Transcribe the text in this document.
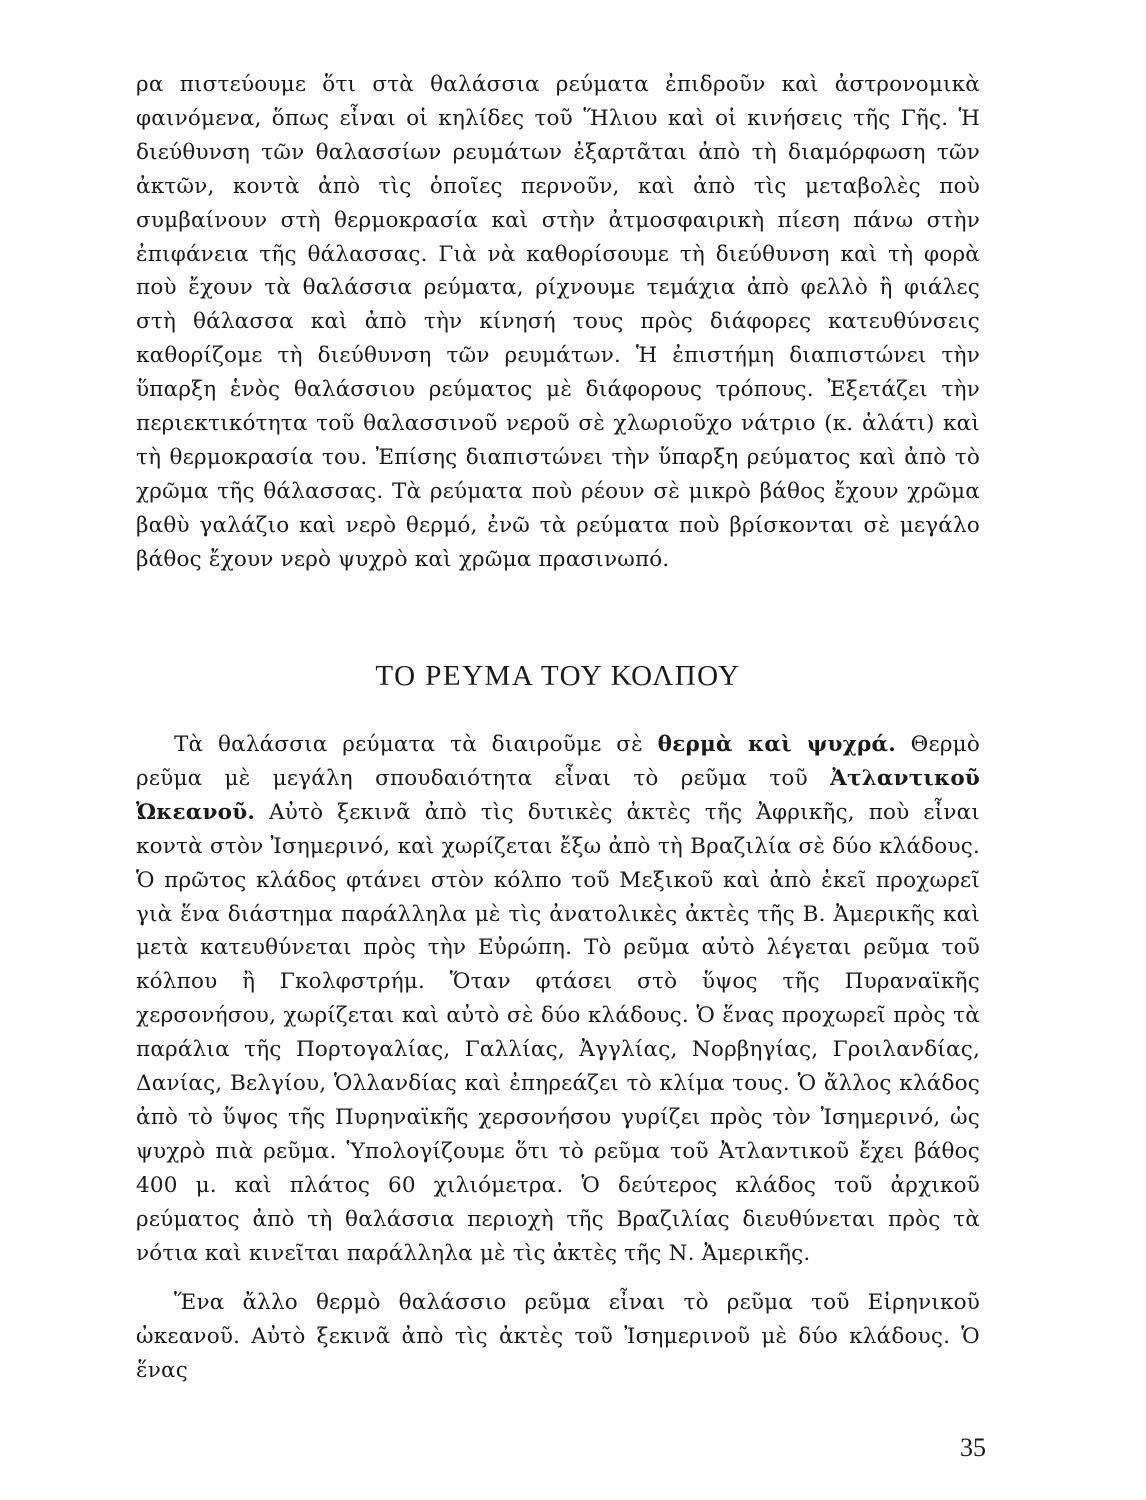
ρα πιστεύουμε ὅτι στὰ θαλάσσια ρεύματα ἐπιδροῦν καὶ ἀστρονομικὰ φαινόμενα, ὅπως εἶναι οἱ κηλίδες τοῦ Ἥλιου καὶ οἱ κινήσεις τῆς Γῆς. Ἡ διεύθυνση τῶν θαλασσίων ρευμάτων ἐξαρτᾶται ἀπὸ τὴ διαμόρφωση τῶν ἀκτῶν, κοντὰ ἀπὸ τὶς ὁποῖες περνοῦν, καὶ ἀπὸ τὶς μεταβολὲς ποὺ συμβαίνουν στὴ θερμοκρασία καὶ στὴν ἀτμοσφαιρικὴ πίεση πάνω στὴν ἐπιφάνεια τῆς θάλασσας. Γιὰ νὰ καθορίσουμε τὴ διεύθυνση καὶ τὴ φορὰ ποὺ ἔχουν τὰ θαλάσσια ρεύματα, ρίχνουμε τεμάχια ἀπὸ φελλὸ ἢ φιάλες στὴ θάλασσα καὶ ἀπὸ τὴν κίνησή τους πρὸς διάφορες κατευθύνσεις καθορίζομε τὴ διεύθυνση τῶν ρευμάτων. Ἡ ἐπιστήμη διαπιστώνει τὴν ὕπαρξη ἑνὸς θαλάσσιου ρεύματος μὲ διάφορους τρόπους. Ἐξετάζει τὴν περιεκτικότητα τοῦ θαλασσινοῦ νεροῦ σὲ χλωριοῦχο νάτριο (κ. ἁλάτι) καὶ τὴ θερμοκρασία του. Ἐπίσης διαπιστώνει τὴν ὕπαρξη ρεύματος καὶ ἀπὸ τὸ χρῶμα τῆς θάλασσας. Τὰ ρεύματα ποὺ ρέουν σὲ μικρὸ βάθος ἔχουν χρῶμα βαθὺ γαλάζιο καὶ νερὸ θερμό, ἐνῶ τὰ ρεύματα ποὺ βρίσκονται σὲ μεγάλο βάθος ἔχουν νερὸ ψυχρὸ καὶ χρῶμα πρασινωπό.

ΤΟ ΡΕΥΜΑ ΤΟΥ ΚΟΛΠΟΥ

Τὰ θαλάσσια ρεύματα τὰ διαιροῦμε σὲ θερμὰ καὶ ψυχρά. Θερμὸ ρεῦμα μὲ μεγάλη σπουδαιότητα εἶναι τὸ ρεῦμα τοῦ Ἀτλαντικοῦ Ὠκεανοῦ. Αὐτὸ ξεκινᾶ ἀπὸ τὶς δυτικὲς ἀκτὲς τῆς Ἀφρικῆς, ποὺ εἶναι κοντὰ στὸν Ἰσημερινό, καὶ χωρίζεται ἔξω ἀπὸ τὴ Βραζιλία σὲ δύο κλάδους. Ὁ πρῶτος κλάδος φτάνει στὸν κόλπο τοῦ Μεξικοῦ καὶ ἀπὸ ἐκεῖ προχωρεῖ γιὰ ἕνα διάστημα παράλληλα μὲ τὶς ἀνατολικὲς ἀκτὲς τῆς Β. Ἀμερικῆς καὶ μετὰ κατευθύνεται πρὸς τὴν Εὐρώπη. Τὸ ρεῦμα αὐτὸ λέγεται ρεῦμα τοῦ κόλπου ἢ Γκολφστρήμ. Ὅταν φτάσει στὸ ὕψος τῆς Πυραναϊκῆς χερσονήσου, χωρίζεται καὶ αὐτὸ σὲ δύο κλάδους. Ὁ ἕνας προχωρεῖ πρὸς τὰ παράλια τῆς Πορτογαλίας, Γαλλίας, Ἀγγλίας, Νορβηγίας, Γροιλανδίας, Δανίας, Βελγίου, Ὁλλανδίας καὶ ἐπηρεάζει τὸ κλίμα τους. Ὁ ἄλλος κλάδος ἀπὸ τὸ ὕψος τῆς Πυρηναϊκῆς χερσονήσου γυρίζει πρὸς τὸν Ἰσημερινό, ὡς ψυχρὸ πιὰ ρεῦμα. Ὑπολογίζουμε ὅτι τὸ ρεῦμα τοῦ Ἀτλαντικοῦ ἔχει βάθος 400 μ. καὶ πλάτος 60 χιλιόμετρα. Ὁ δεύτερος κλάδος τοῦ ἀρχικοῦ ρεύματος ἀπὸ τὴ θαλάσσια περιοχὴ τῆς Βραζιλίας διευθύνεται πρὸς τὰ νότια καὶ κινεῖται παράλληλα μὲ τὶς ἀκτὲς τῆς Ν. Ἀμερικῆς.

Ἕνα ἄλλο θερμὸ θαλάσσιο ρεῦμα εἶναι τὸ ρεῦμα τοῦ Εἰρηνικοῦ ὠκεανοῦ. Αὐτὸ ξεκινᾶ ἀπὸ τὶς ἀκτὲς τοῦ Ἰσημερινοῦ μὲ δύο κλάδους. Ὁ ἕνας

35
